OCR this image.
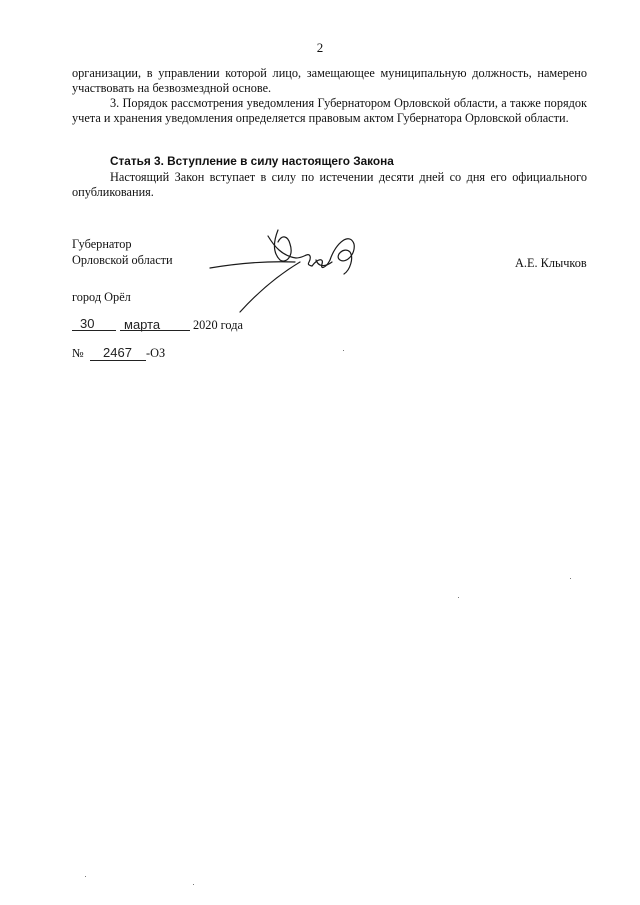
2
организации, в управлении которой лицо, замещающее муниципальную должность, намерено участвовать на безвозмездной основе.
3. Порядок рассмотрения уведомления Губернатором Орловской области, а также порядок учета и хранения уведомления определяется правовым актом Губернатора Орловской области.
Статья 3. Вступление в силу настоящего Закона
Настоящий Закон вступает в силу по истечении десяти дней со дня его официального опубликования.
Губернатор
Орловской области	А.Е. Клычков
город Орёл
30 марта	2020 года
№ 2467 -ОЗ
